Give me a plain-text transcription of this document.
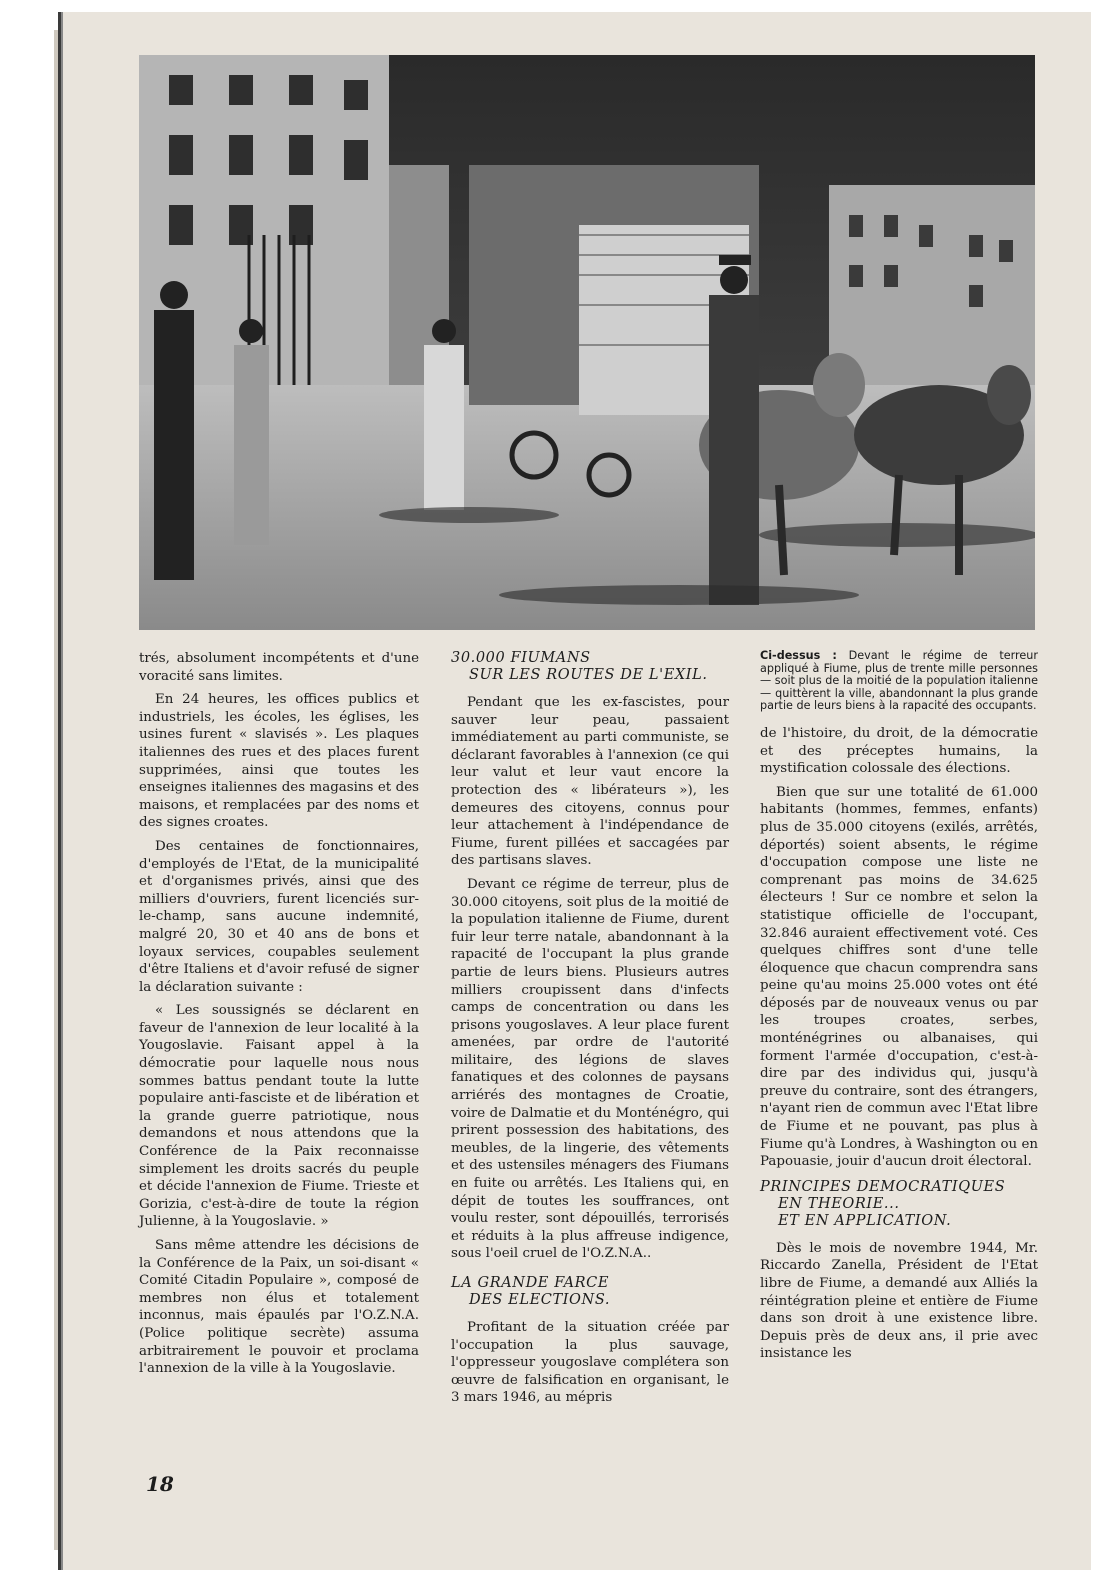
trés, absolument incompétents et d'une voracité sans limites.

En 24 heures, les offices publics et industriels, les écoles, les églises, les usines furent « slavisés ». Les plaques italiennes des rues et des places furent supprimées, ainsi que toutes les enseignes italiennes des magasins et des maisons, et remplacées par des noms et des signes croates.

Des centaines de fonctionnaires, d'employés de l'Etat, de la municipalité et d'organismes privés, ainsi que des milliers d'ouvriers, furent licenciés sur-le-champ, sans aucune indemnité, malgré 20, 30 et 40 ans de bons et loyaux services, coupables seulement d'être Italiens et d'avoir refusé de signer la déclaration suivante :

« Les soussignés se déclarent en faveur de l'annexion de leur localité à la Yougoslavie. Faisant appel à la démocratie pour laquelle nous nous sommes battus pendant toute la lutte populaire anti-fasciste et de libération et la grande guerre patriotique, nous demandons et nous attendons que la Conférence de la Paix reconnaisse simplement les droits sacrés du peuple et décide l'annexion de Fiume. Trieste et Gorizia, c'est-à-dire de toute la région Julienne, à la Yougoslavie. »

Sans même attendre les décisions de la Conférence de la Paix, un soi-disant « Comité Citadin Populaire », composé de membres non élus et totalement inconnus, mais épaulés par l'O.Z.N.A. (Police politique secrète) assuma arbitrairement le pouvoir et proclama l'annexion de la ville à la Yougoslavie.

30.000 FIUMANS
SUR LES ROUTES DE L'EXIL.

Pendant que les ex-fascistes, pour sauver leur peau, passaient immédiatement au parti communiste, se déclarant favorables à l'annexion (ce qui leur valut et leur vaut encore la protection des « libérateurs »), les demeures des citoyens, connus pour leur attachement à l'indépendance de Fiume, furent pillées et saccagées par des partisans slaves.

Devant ce régime de terreur, plus de 30.000 citoyens, soit plus de la moitié de la population italienne de Fiume, durent fuir leur terre natale, abandonnant à la rapacité de l'occupant la plus grande partie de leurs biens. Plusieurs autres milliers croupissent dans d'infects camps de concentration ou dans les prisons yougoslaves. A leur place furent amenées, par ordre de l'autorité militaire, des légions de slaves fanatiques et des colonnes de paysans arriérés des montagnes de Croatie, voire de Dalmatie et du Monténégro, qui prirent possession des habitations, des meubles, de la lingerie, des vêtements et des ustensiles ménagers des Fiumans en fuite ou arrêtés. Les Italiens qui, en dépit de toutes les souffrances, ont voulu rester, sont dépouillés, terrorisés et réduits à la plus affreuse indigence, sous l'oeil cruel de l'O.Z.N.A..

LA GRANDE FARCE
DES ELECTIONS.

Profitant de la situation créée par l'occupation la plus sauvage, l'oppresseur yougoslave compléterа son œuvre de falsification en organisant, le 3 mars 1946, au mépris

Ci-dessus : Devant le régime de terreur appliqué à Fiume, plus de trente mille personnes — soit plus de la moitié de la population italienne — quittèrent la ville, abandonnant la plus grande partie de leurs biens à la rapacité des occupants.

de l'histoire, du droit, de la démocratie et des préceptes humains, la mystification colossale des élections.

Bien que sur une totalité de 61.000 habitants (hommes, femmes, enfants) plus de 35.000 citoyens (exilés, arrêtés, déportés) soient absents, le régime d'occupation compose une liste ne comprenant pas moins de 34.625 électeurs ! Sur ce nombre et selon la statistique officielle de l'occupant, 32.846 auraient effectivement voté. Ces quelques chiffres sont d'une telle éloquence que chacun comprendra sans peine qu'au moins 25.000 votes ont été déposés par de nouveaux venus ou par les troupes croates, serbes, monténégrines ou albanaises, qui forment l'armée d'occupation, c'est-à-dire par des individus qui, jusqu'à preuve du contraire, sont des étrangers, n'ayant rien de commun avec l'Etat libre de Fiume et ne pouvant, pas plus à Fiume qu'à Londres, à Washington ou en Papouasie, jouir d'aucun droit électoral.

PRINCIPES DEMOCRATIQUES
EN THEORIE...
ET EN APPLICATION.

Dès le mois de novembre 1944, Mr. Riccardo Zanella, Président de l'Etat libre de Fiume, a demandé aux Alliés la réintégration pleine et entière de Fiume dans son droit à une existence libre. Depuis près de deux ans, il prie avec insistance les

18
